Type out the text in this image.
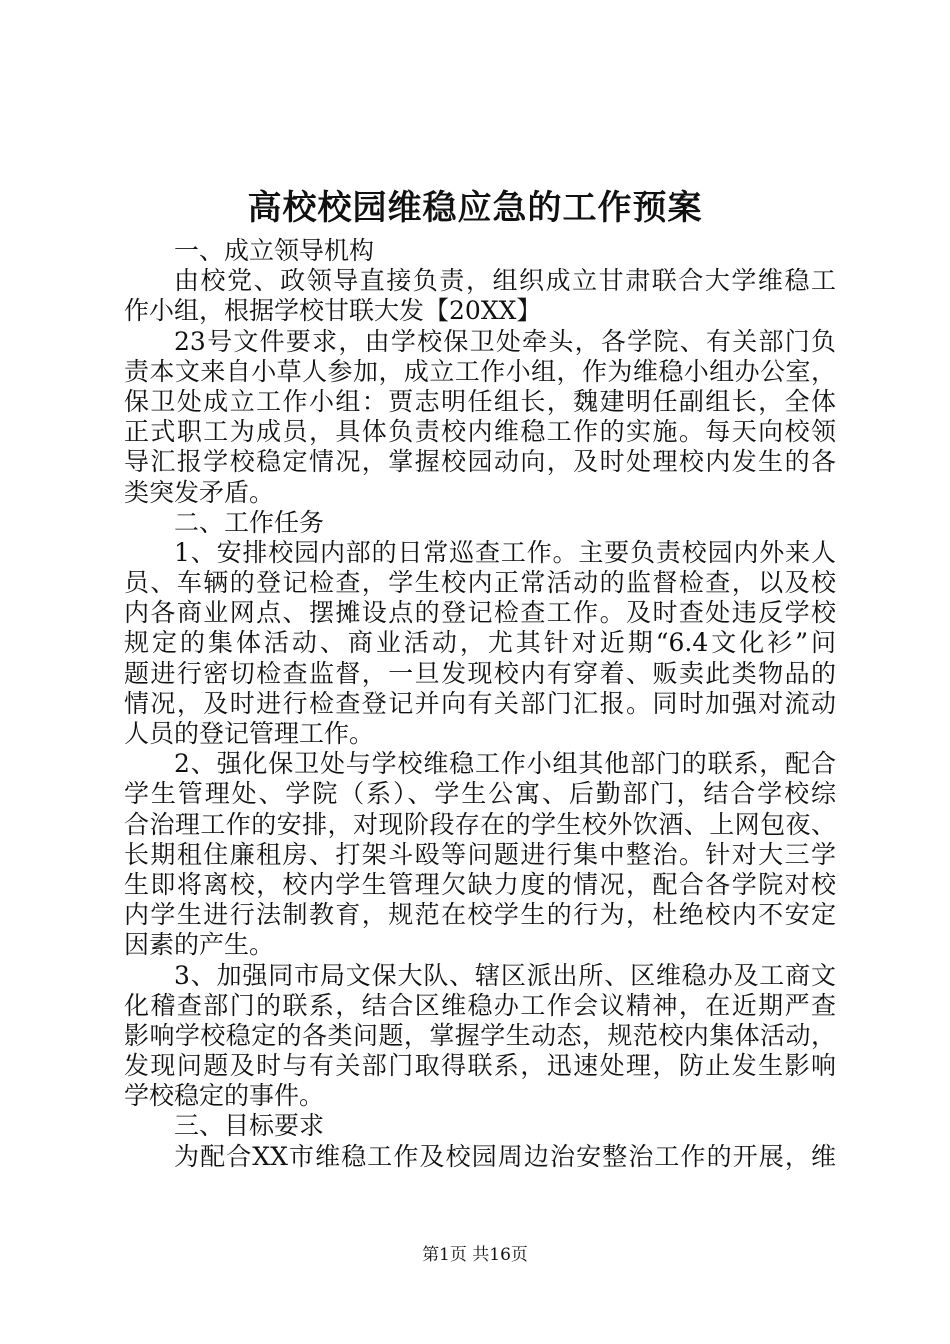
高校校园维稳应急的工作预案
一、成立领导机构
由校党、政领导直接负责，组织成立甘肃联合大学维稳工
作小组，根据学校甘联大发【20XX】
23号文件要求，由学校保卫处牵头，各学院、有关部门负
责本文来自小草人参加，成立工作小组，作为维稳小组办公室，
保卫处成立工作小组：贾志明任组长，魏建明任副组长，全体
正式职工为成员，具体负责校内维稳工作的实施。每天向校领
导汇报学校稳定情况，掌握校园动向，及时处理校内发生的各
类突发矛盾。
二、工作任务
1、安排校园内部的日常巡查工作。主要负责校园内外来人
员、车辆的登记检查，学生校内正常活动的监督检查，以及校
内各商业网点、摆摊设点的登记检查工作。及时查处违反学校
规定的集体活动、商业活动，尤其针对近期“6.4文化衫”问
题进行密切检查监督，一旦发现校内有穿着、贩卖此类物品的
情况，及时进行检查登记并向有关部门汇报。同时加强对流动
人员的登记管理工作。
2、强化保卫处与学校维稳工作小组其他部门的联系，配合
学生管理处、学院（系）、学生公寓、后勤部门，结合学校综
合治理工作的安排，对现阶段存在的学生校外饮酒、上网包夜、
长期租住廉租房、打架斗殴等问题进行集中整治。针对大三学
生即将离校，校内学生管理欠缺力度的情况，配合各学院对校
内学生进行法制教育，规范在校学生的行为，杜绝校内不安定
因素的产生。
3、加强同市局文保大队、辖区派出所、区维稳办及工商文
化稽查部门的联系，结合区维稳办工作会议精神，在近期严查
影响学校稳定的各类问题，掌握学生动态，规范校内集体活动，
发现问题及时与有关部门取得联系，迅速处理，防止发生影响
学校稳定的事件。
三、目标要求
为配合XX市维稳工作及校园周边治安整治工作的开展，维
第1页 共16页
